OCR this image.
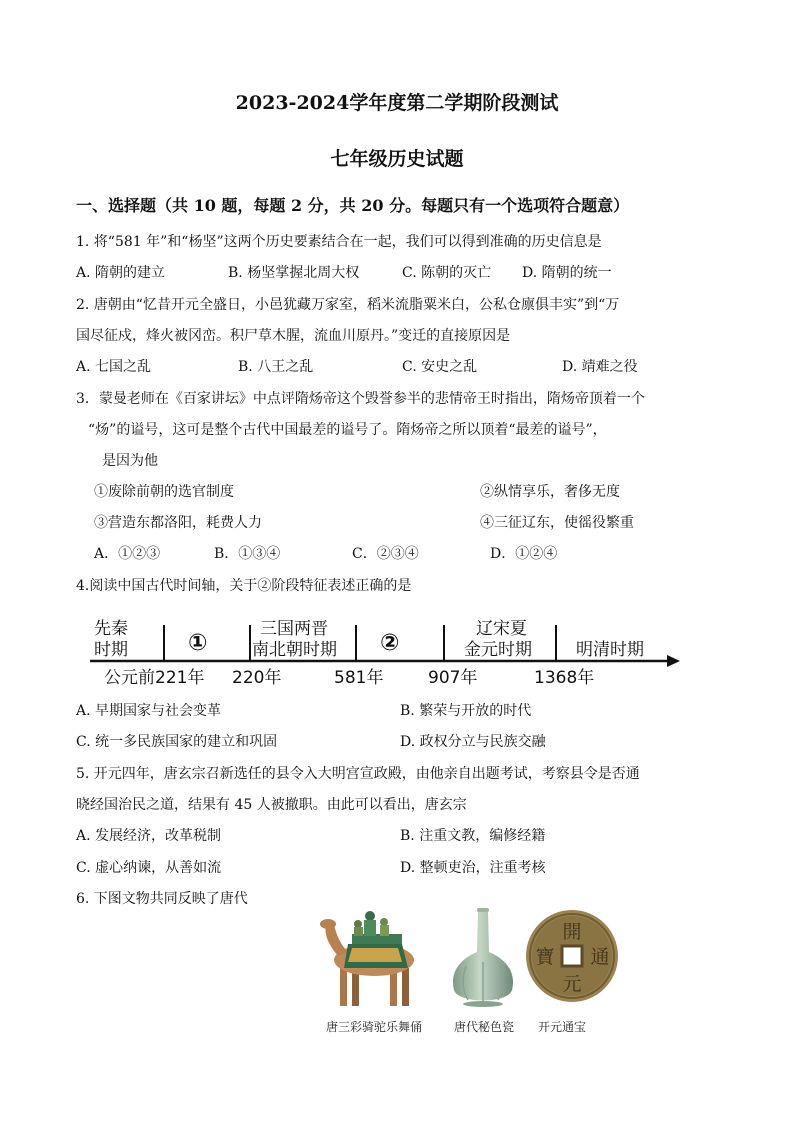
2023-2024学年度第二学期阶段测试
七年级历史试题
一、选择题（共 10 题，每题 2 分，共 20 分。每题只有一个选项符合题意）
1. 将“581 年”和“杨坚”这两个历史要素结合在一起，我们可以得到准确的历史信息是
A. 隋朝的建立	B. 杨坚掌握北周大权	C. 陈朝的灭亡 D. 隋朝的统一
2. 唐朝由“忆昔开元全盛日，小邑犹藏万家室，稻米流脂粟米白，公私仓廪俱丰实”到“万
国尽征戍，烽火被冈峦。积尸草木腥，流血川原丹。”变迁的直接原因是
A. 七国之乱	B. 八王之乱	C. 安史之乱	D. 靖难之役
3．蒙曼老师在《百家讲坛》中点评隋炀帝这个毁誉参半的悲情帝王时指出，隋炀帝顶着一个
“炀”的谥号，这可是整个古代中国最差的谥号了。隋炀帝之所以顶着“最差的谥号”，
是因为他
①废除前朝的选官制度	②纵情享乐，奢侈无度
③营造东都洛阳，耗费人力	④三征辽东，使徭役繁重
A．①②③	B．①③④	C．②③④	D．①②④
4.阅读中国古代时间轴，关于②阶段特征表述正确的是
先秦
时期	①
三国两晋
南北朝时期 ②
辽宋夏
金元时期	明清时期
公元前221年 220年	581年	907年	1368年
A. 早期国家与社会变革	B. 繁荣与开放的时代
C. 统一多民族国家的建立和巩固	D. 政权分立与民族交融
5. 开元四年，唐玄宗召新选任的县令入大明宫宣政殿，由他亲自出题考试，考察县令是否通
晓经国治民之道，结果有 45 人被撤职。由此可以看出，唐玄宗
A. 发展经济，改革税制	B. 注重文教，编修经籍
C. 虚心纳谏，从善如流	D. 整顿吏治，注重考核
6. 下图文物共同反映了唐代
開
元
通
寶
唐三彩骑驼乐舞俑	唐代秘色瓷 开元通宝
